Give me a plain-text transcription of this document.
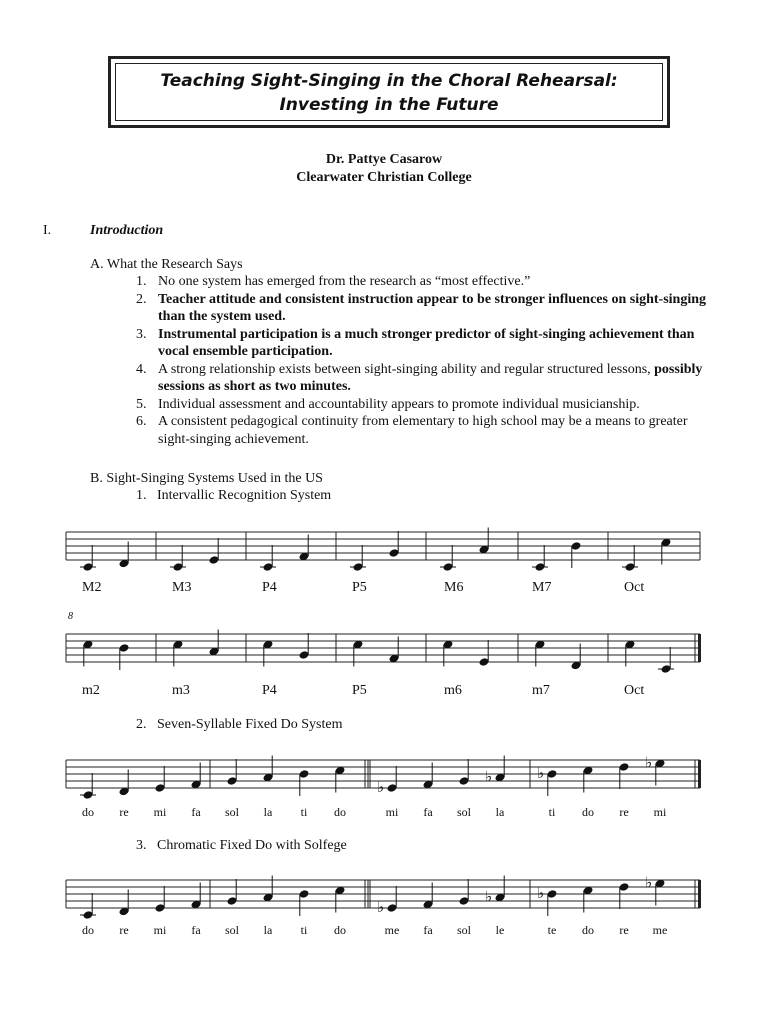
Teaching Sight-Singing in the Choral Rehearsal:
Investing in the Future
Dr. Pattye Casarow
Clearwater Christian College
I.	Introduction
A. What the Research Says
1. No one system has emerged from the research as “most effective.”
2. Teacher attitude and consistent instruction appear to be stronger influences on sight-singing than the system used.
3. Instrumental participation is a much stronger predictor of sight-singing achievement than vocal ensemble participation.
4. A strong relationship exists between sight-singing ability and regular structured lessons, possibly sessions as short as two minutes.
5. Individual assessment and accountability appears to promote individual musicianship.
6. A consistent pedagogical continuity from elementary to high school may be a means to greater sight-singing achievement.
B. Sight-Singing Systems Used in the US
1. Intervallic Recognition System
M2	M3	P4	P5	M6	M7	Oct
8
m2	m3	P4	P5	m6	m7	Oct
2. Seven-Syllable Fixed Do System
♭
♭	♭
♭
do re mi fa sol la ti do	mi fa sol la	ti do re mi
3. Chromatic Fixed Do with Solfege
♭
♭	♭
♭
do re mi fa sol la ti do	me fa sol le	te do re me
